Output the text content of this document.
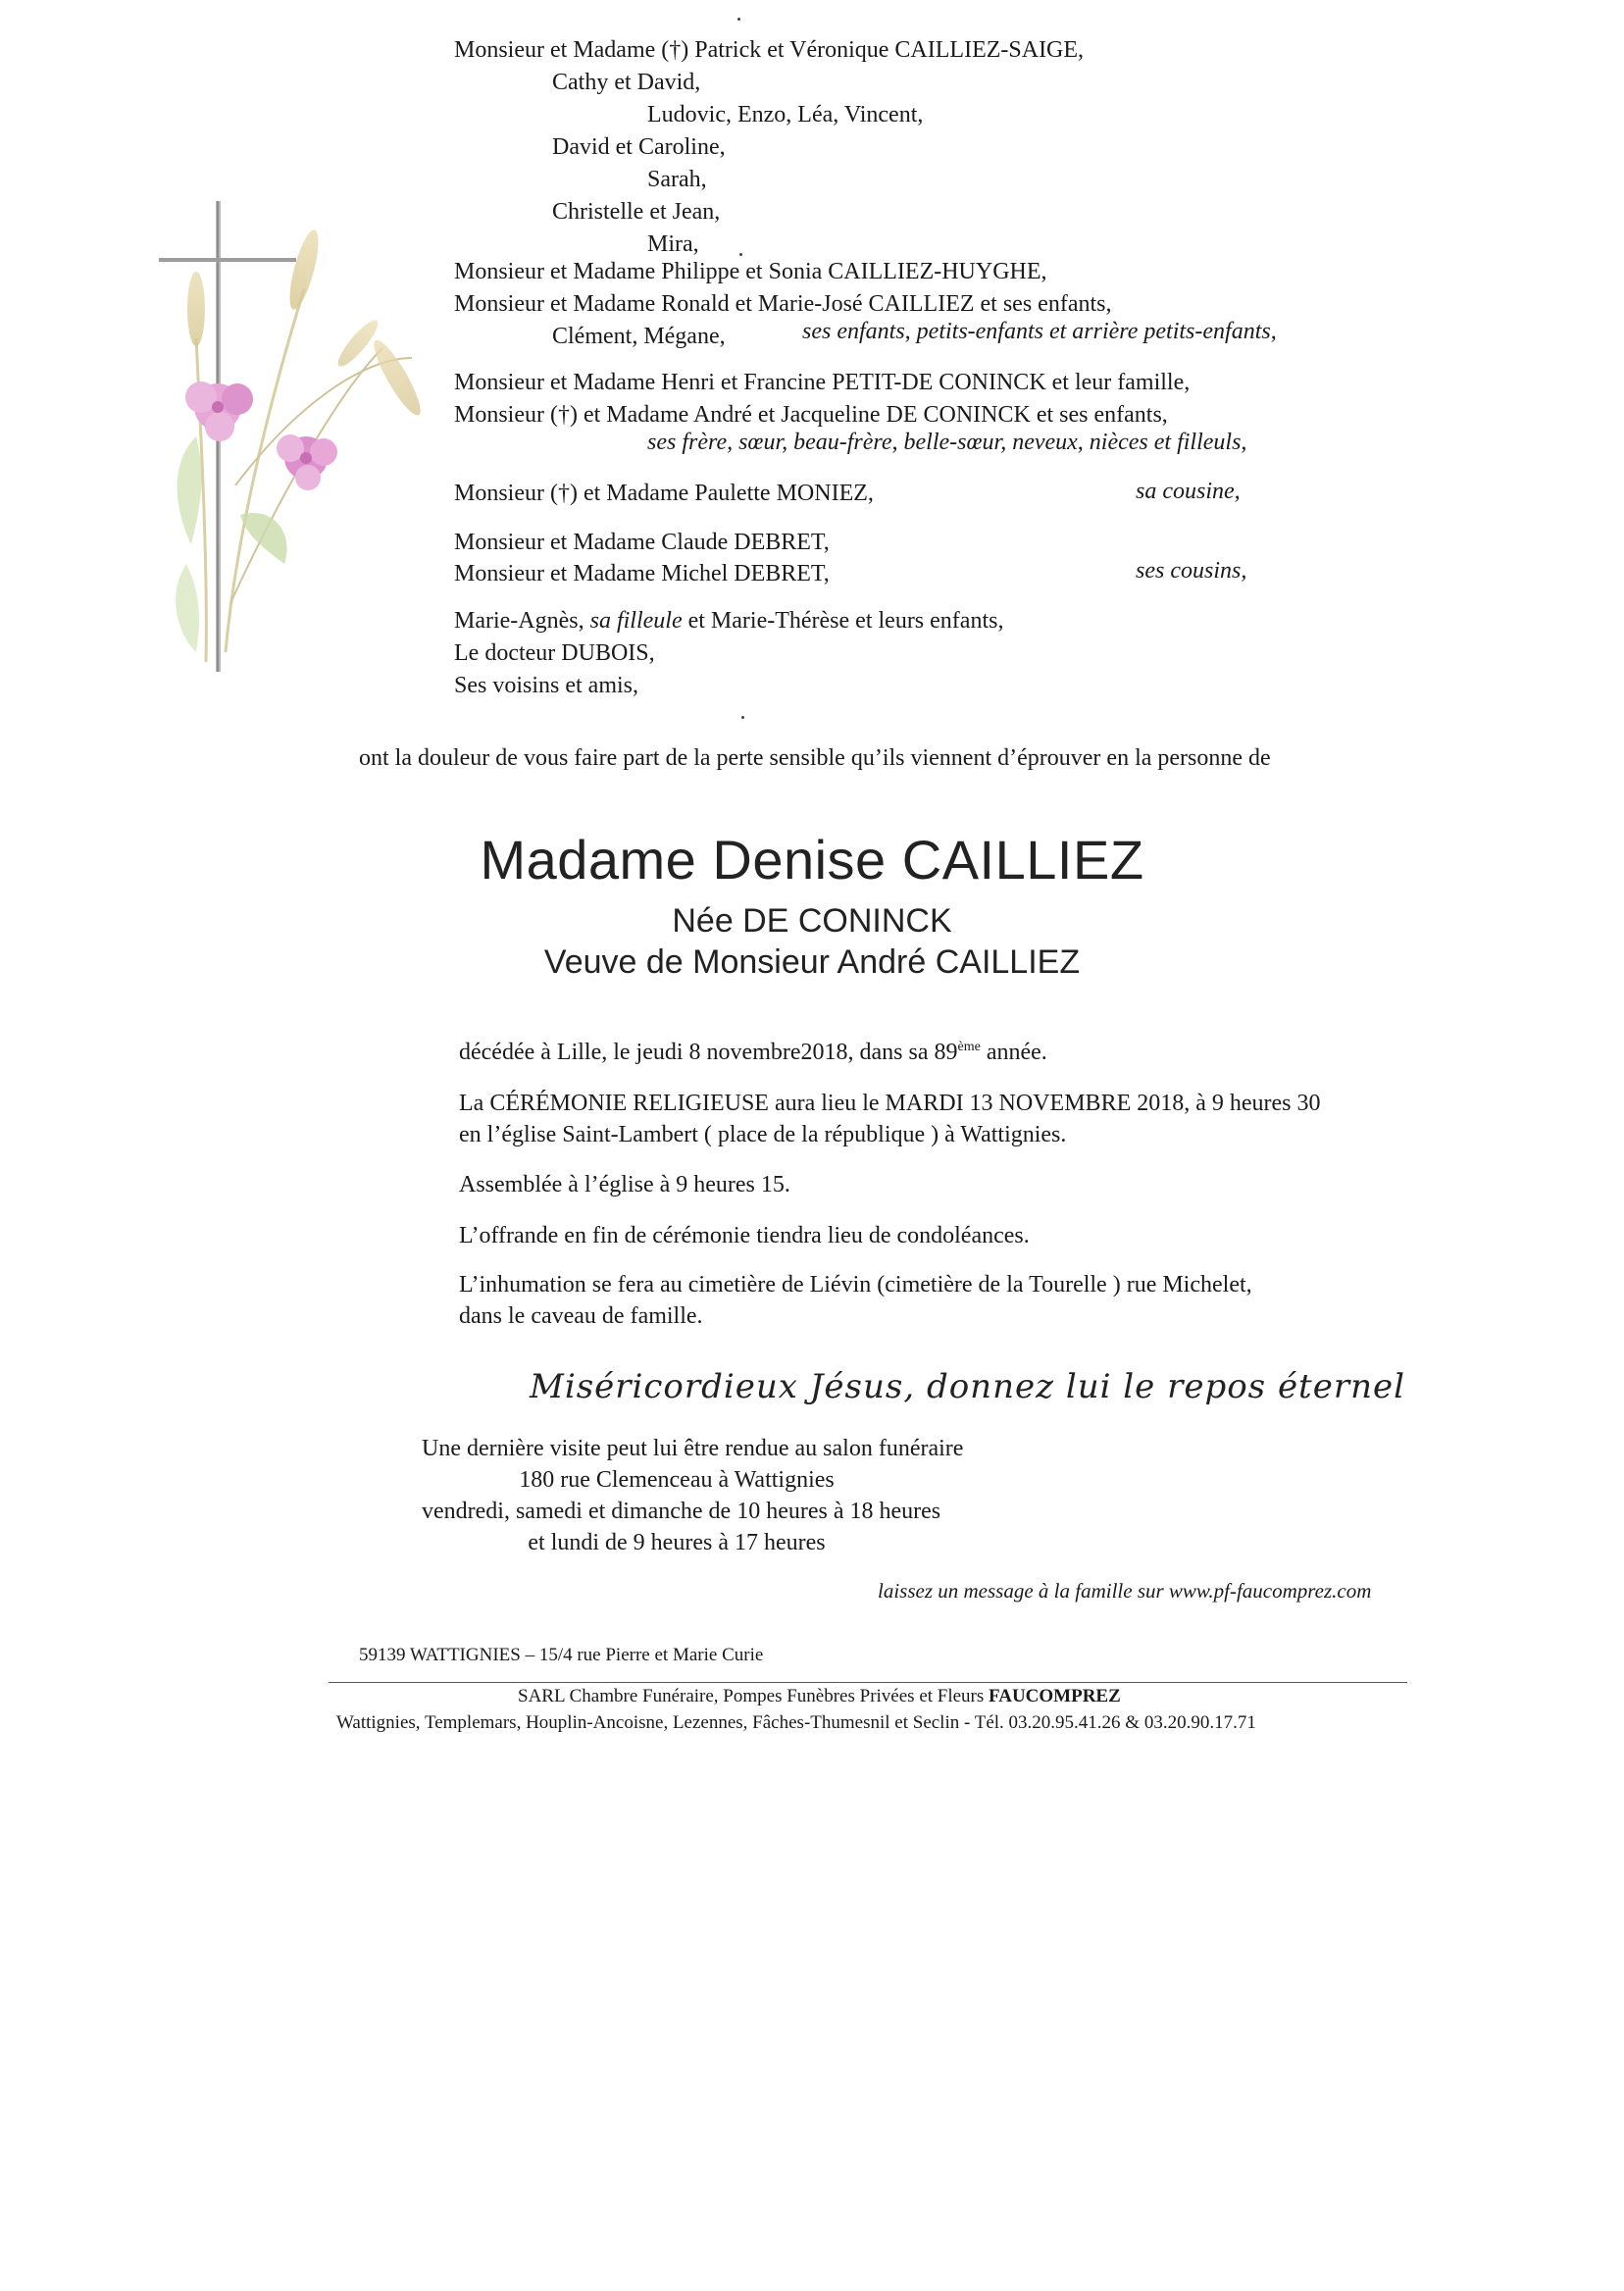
Monsieur et Madame (†) Patrick et Véronique CAILLIEZ-SAIGE,
Cathy et David,
Ludovic, Enzo, Léa, Vincent,
David et Caroline,
Sarah,
Christelle et Jean,
Mira,
Monsieur et Madame Philippe et Sonia CAILLIEZ-HUYGHE,
Monsieur et Madame Ronald et Marie-José CAILLIEZ et ses enfants,
Clément, Mégane,	ses enfants, petits-enfants et arrière petits-enfants,
Monsieur et Madame Henri et Francine PETIT-DE CONINCK et leur famille,
Monsieur (†) et Madame André et Jacqueline DE CONINCK et ses enfants,
ses frère, sœur, beau-frère, belle-sœur, neveux, nièces et filleuls,
Monsieur (†) et Madame Paulette MONIEZ,	sa cousine,
Monsieur et Madame Claude DEBRET,
Monsieur et Madame Michel DEBRET,	ses cousins,
Marie-Agnès, sa filleule et Marie-Thérèse et leurs enfants,
Le docteur DUBOIS,
Ses voisins et amis,
ont la douleur de vous faire part de la perte sensible qu’ils viennent d’éprouver en la personne de
Madame Denise CAILLIEZ
Née DE CONINCK
Veuve de Monsieur André CAILLIEZ
décédée à Lille, le jeudi 8 novembre2018, dans sa 89ème année.
La CÉRÉMONIE RELIGIEUSE aura lieu le MARDI 13 NOVEMBRE 2018, à 9 heures 30
en l’église Saint-Lambert ( place de la république ) à Wattignies.
Assemblée à l’église à 9 heures 15.
L’offrande en fin de cérémonie tiendra lieu de condoléances.
L’inhumation se fera au cimetière de Liévin (cimetière de la Tourelle ) rue Michelet,
dans le caveau de famille.
Miséricordieux Jésus, donnez lui le repos éternel
Une dernière visite peut lui être rendue au salon funéraire
180 rue Clemenceau à Wattignies
vendredi, samedi et dimanche de 10 heures à 18 heures
et lundi de 9 heures à 17 heures
laissez un message à la famille sur www.pf-faucomprez.com
59139 WATTIGNIES – 15/4 rue Pierre et Marie Curie
SARL Chambre Funéraire, Pompes Funèbres Privées et Fleurs FAUCOMPREZ
Wattignies, Templemars, Houplin-Ancoisne, Lezennes, Fâches-Thumesnil et Seclin - Tél. 03.20.95.41.26 & 03.20.90.17.71
